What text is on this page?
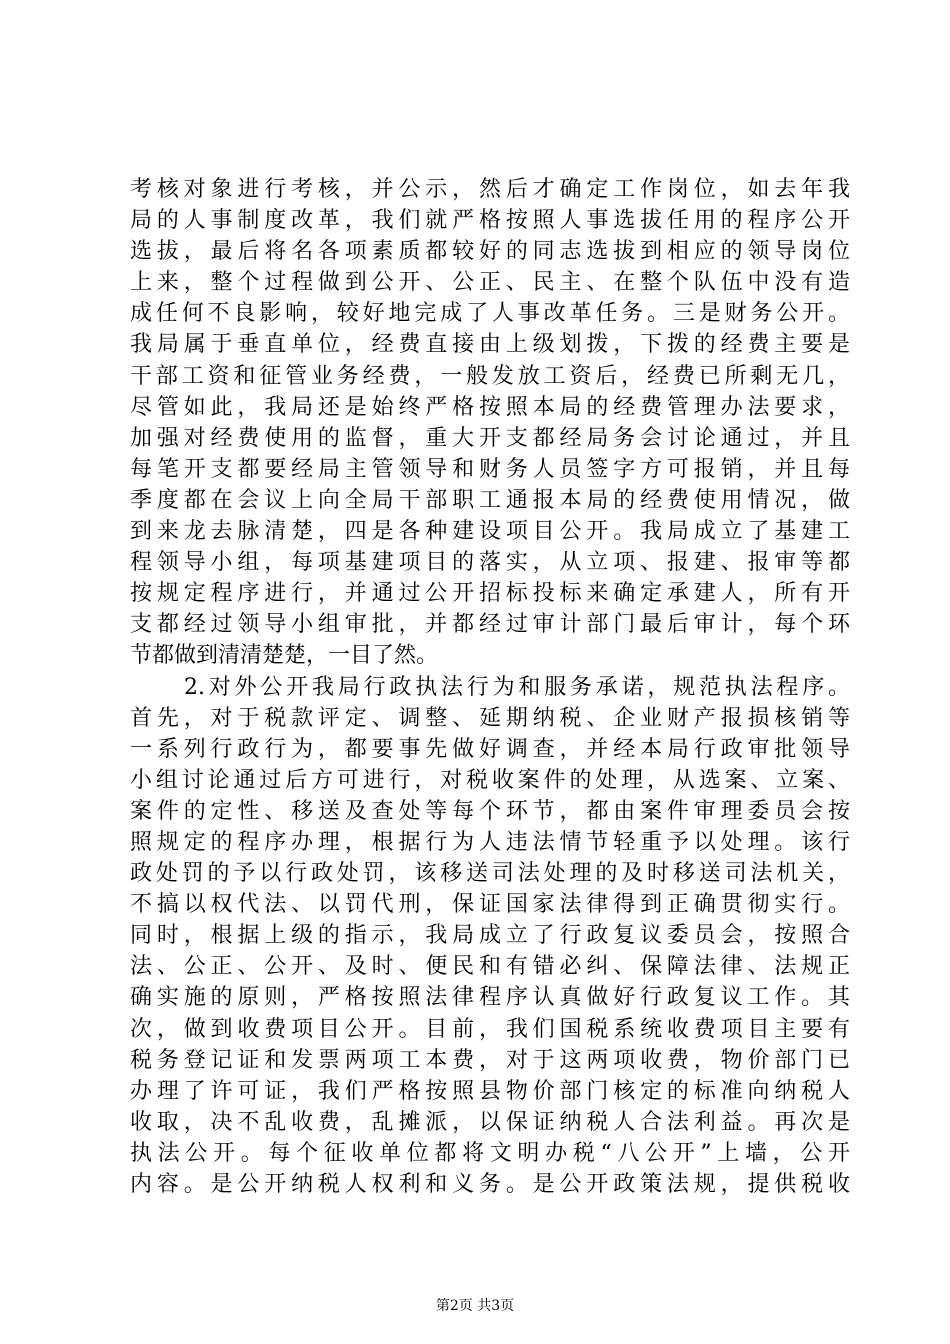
考核对象进行考核，并公示，然后才确定工作岗位，如去年我
局的人事制度改革，我们就严格按照人事选拔任用的程序公开
选拔，最后将名各项素质都较好的同志选拔到相应的领导岗位
上来，整个过程做到公开、公正、民主、在整个队伍中没有造
成任何不良影响，较好地完成了人事改革任务。三是财务公开。
我局属于垂直单位，经费直接由上级划拨，下拨的经费主要是
干部工资和征管业务经费，一般发放工资后，经费已所剩无几，
尽管如此，我局还是始终严格按照本局的经费管理办法要求，
加强对经费使用的监督，重大开支都经局务会讨论通过，并且
每笔开支都要经局主管领导和财务人员签字方可报销，并且每
季度都在会议上向全局干部职工通报本局的经费使用情况，做
到来龙去脉清楚，四是各种建设项目公开。我局成立了基建工
程领导小组，每项基建项目的落实，从立项、报建、报审等都
按规定程序进行，并通过公开招标投标来确定承建人，所有开
支都经过领导小组审批，并都经过审计部门最后审计，每个环
节都做到清清楚楚，一目了然。
2.对外公开我局行政执法行为和服务承诺，规范执法程序。
首先，对于税款评定、调整、延期纳税、企业财产报损核销等
一系列行政行为，都要事先做好调查，并经本局行政审批领导
小组讨论通过后方可进行，对税收案件的处理，从选案、立案、
案件的定性、移送及查处等每个环节，都由案件审理委员会按
照规定的程序办理，根据行为人违法情节轻重予以处理。该行
政处罚的予以行政处罚，该移送司法处理的及时移送司法机关，
不搞以权代法、以罚代刑，保证国家法律得到正确贯彻实行。
同时，根据上级的指示，我局成立了行政复议委员会，按照合
法、公正、公开、及时、便民和有错必纠、保障法律、法规正
确实施的原则，严格按照法律程序认真做好行政复议工作。其
次，做到收费项目公开。目前，我们国税系统收费项目主要有
税务登记证和发票两项工本费，对于这两项收费，物价部门已
办理了许可证，我们严格按照县物价部门核定的标准向纳税人
收取，决不乱收费，乱摊派，以保证纳税人合法利益。再次是
执法公开。每个征收单位都将文明办税“八公开”上墙，公开
内容。是公开纳税人权利和义务。是公开政策法规，提供税收
第2页 共3页
